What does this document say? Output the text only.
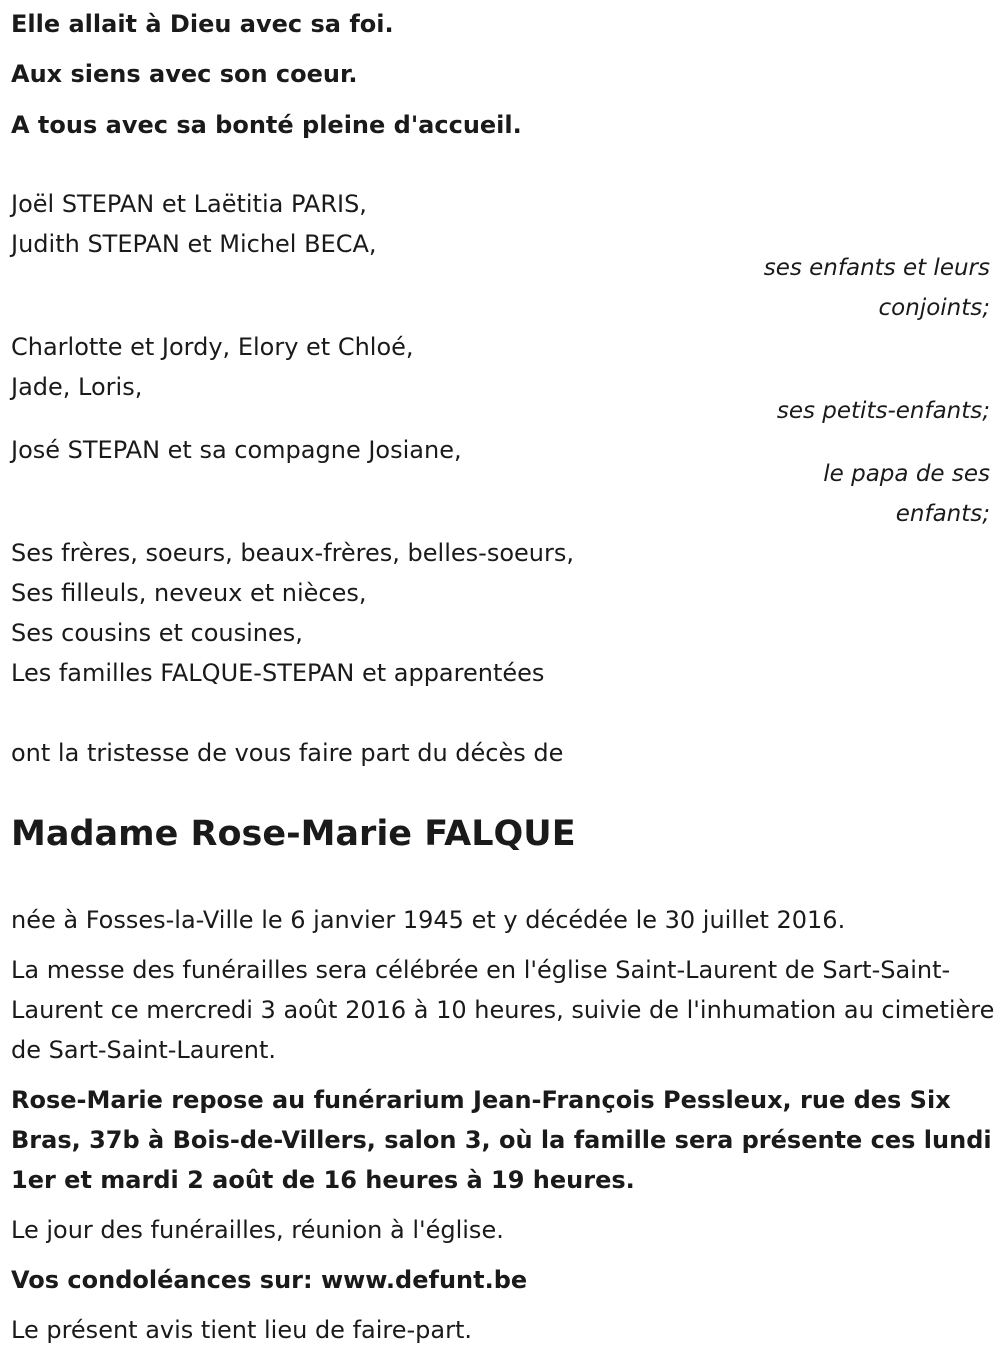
Elle allait à Dieu avec sa foi.
Aux siens avec son coeur.
A tous avec sa bonté pleine d'accueil.
Joël STEPAN et Laëtitia PARIS,
Judith STEPAN et Michel BECA,
ses enfants et leurs
conjoints;
Charlotte et Jordy, Elory et Chloé,
Jade, Loris,
ses petits-enfants;
José STEPAN et sa compagne Josiane,
le papa de ses
enfants;
Ses frères, soeurs, beaux-frères, belles-soeurs,
Ses filleuls, neveux et nièces,
Ses cousins et cousines,
Les familles FALQUE-STEPAN et apparentées
ont la tristesse de vous faire part du décès de
Madame Rose-Marie FALQUE
née à Fosses-la-Ville le 6 janvier 1945 et y décédée le 30 juillet 2016.
La messe des funérailles sera célébrée en l'église Saint-Laurent de Sart-Saint-Laurent ce mercredi 3 août 2016 à 10 heures, suivie de l'inhumation au cimetière de Sart-Saint-Laurent.
Rose-Marie repose au funérarium Jean-François Pessleux, rue des Six Bras, 37b à Bois-de-Villers, salon 3, où la famille sera présente ces lundi 1er et mardi 2 août de 16 heures à 19 heures.
Le jour des funérailles, réunion à l'église.
Vos condoléances sur: www.defunt.be
Le présent avis tient lieu de faire-part.
